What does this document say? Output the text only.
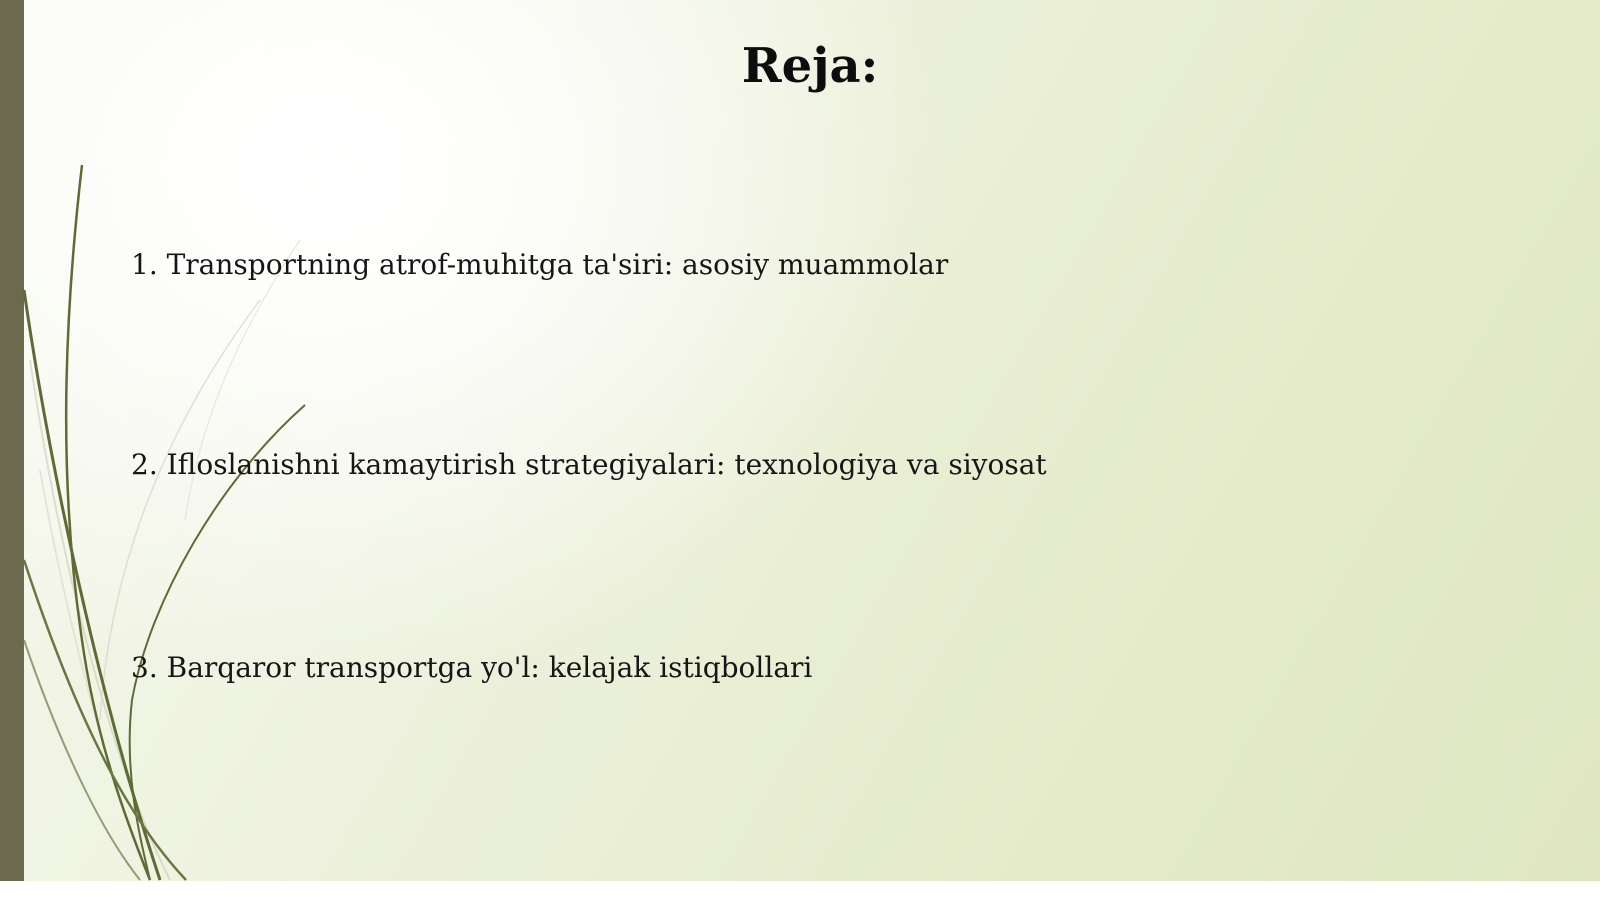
Reja:

1. Transportning atrof-muhitga ta'siri: asosiy muammolar

2. Ifloslanishni kamaytirish strategiyalari: texnologiya va siyosat

3. Barqaror transportga yo'l: kelajak istiqbollari
